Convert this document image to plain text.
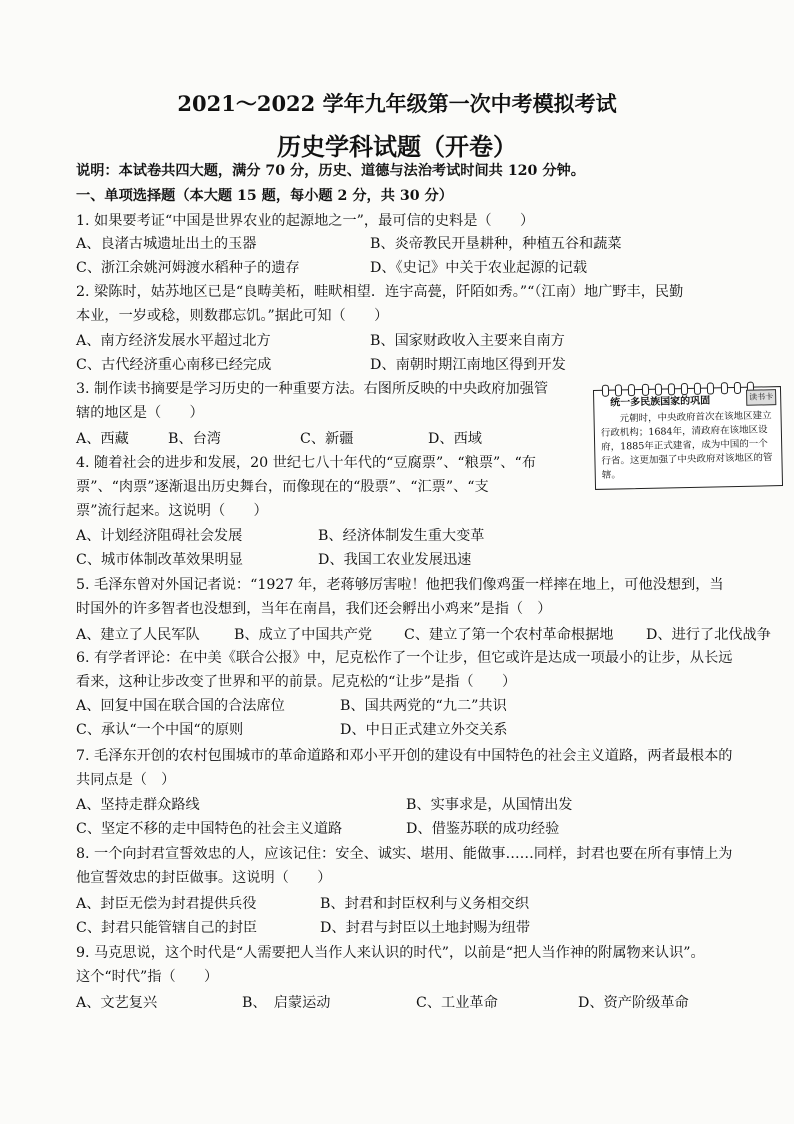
2021～2022 学年九年级第一次中考模拟考试
历史学科试题（开卷）
说明：本试卷共四大题，满分 70 分，历史、道德与法治考试时间共 120 分钟。
一、单项选择题（本大题 15 题，每小题 2 分，共 30 分）
1. 如果要考证“中国是世界农业的起源地之一”，最可信的史料是（　　）
A、良渚古城遗址出土的玉器	B、炎帝教民开垦耕种，种植五谷和蔬菜
C、浙江余姚河姆渡水稻种子的遗存	D、《史记》中关于农业起源的记载
2. 梁陈时，姑苏地区已是“良畴美柘，畦畎相望．连宇高甍，阡陌如秀。”“（江南）地广野丰，民勤
本业，一岁或稔，则数郡忘饥。”据此可知（　　）
A、南方经济发展水平超过北方	B、国家财政收入主要来自南方
C、古代经济重心南移已经完成	D、南朝时期江南地区得到开发
3. 制作读书摘要是学习历史的一种重要方法。右图所反映的中央政府加强管
辖的地区是（　　）
A、西藏	B、台湾	C、新疆	D、西域
统一多民族国家的巩固	读书卡
元朝时，中央政府首次在该地区建立行政机构；1684年，清政府在该地区设府，1885年正式建省，成为中国的一个行省。这更加强了中央政府对该地区的管辖。
4. 随着社会的进步和发展，20 世纪七八十年代的“豆腐票”、“粮票”、“布
票”、“肉票”逐渐退出历史舞台，而像现在的“股票”、“汇票”、“支
票”流行起来。这说明（　　）
A、计划经济阻碍社会发展	B、经济体制发生重大变革
C、城市体制改革效果明显	D、我国工农业发展迅速
5. 毛泽东曾对外国记者说：“1927 年，老蒋够厉害啦！他把我们像鸡蛋一样摔在地上，可他没想到，当
时国外的许多智者也没想到，当年在南昌，我们还会孵出小鸡来”是指（　）
A、建立了人民军队 B、成立了中国共产党 C、建立了第一个农村革命根据地 D、进行了北伐战争
6. 有学者评论：在中美《联合公报》中，尼克松作了一个让步，但它或许是达成一项最小的让步，从长远
看来，这种让步改变了世界和平的前景。尼克松的“让步”是指（　　）
A、回复中国在联合国的合法席位	B、国共两党的“九二”共识
C、承认“一个中国“的原则	D、中日正式建立外交关系
7. 毛泽东开创的农村包围城市的革命道路和邓小平开创的建设有中国特色的社会主义道路，两者最根本的
共同点是（　）
A、坚持走群众路线	B、实事求是，从国情出发
C、坚定不移的走中国特色的社会主义道路	D、借鉴苏联的成功经验
8. 一个向封君宣誓效忠的人，应该记住：安全、诚实、堪用、能做事……同样，封君也要在所有事情上为
他宣誓效忠的封臣做事。这说明（　　）
A、封臣无偿为封君提供兵役	B、封君和封臣权利与义务相交织
C、封君只能管辖自己的封臣	D、封君与封臣以土地封赐为纽带
9. 马克思说，这个时代是“人需要把人当作人来认识的时代”，以前是“把人当作神的附属物来认识”。
这个“时代”指（　　）
A、文艺复兴	B、　启蒙运动	C、工业革命	D、资产阶级革命
